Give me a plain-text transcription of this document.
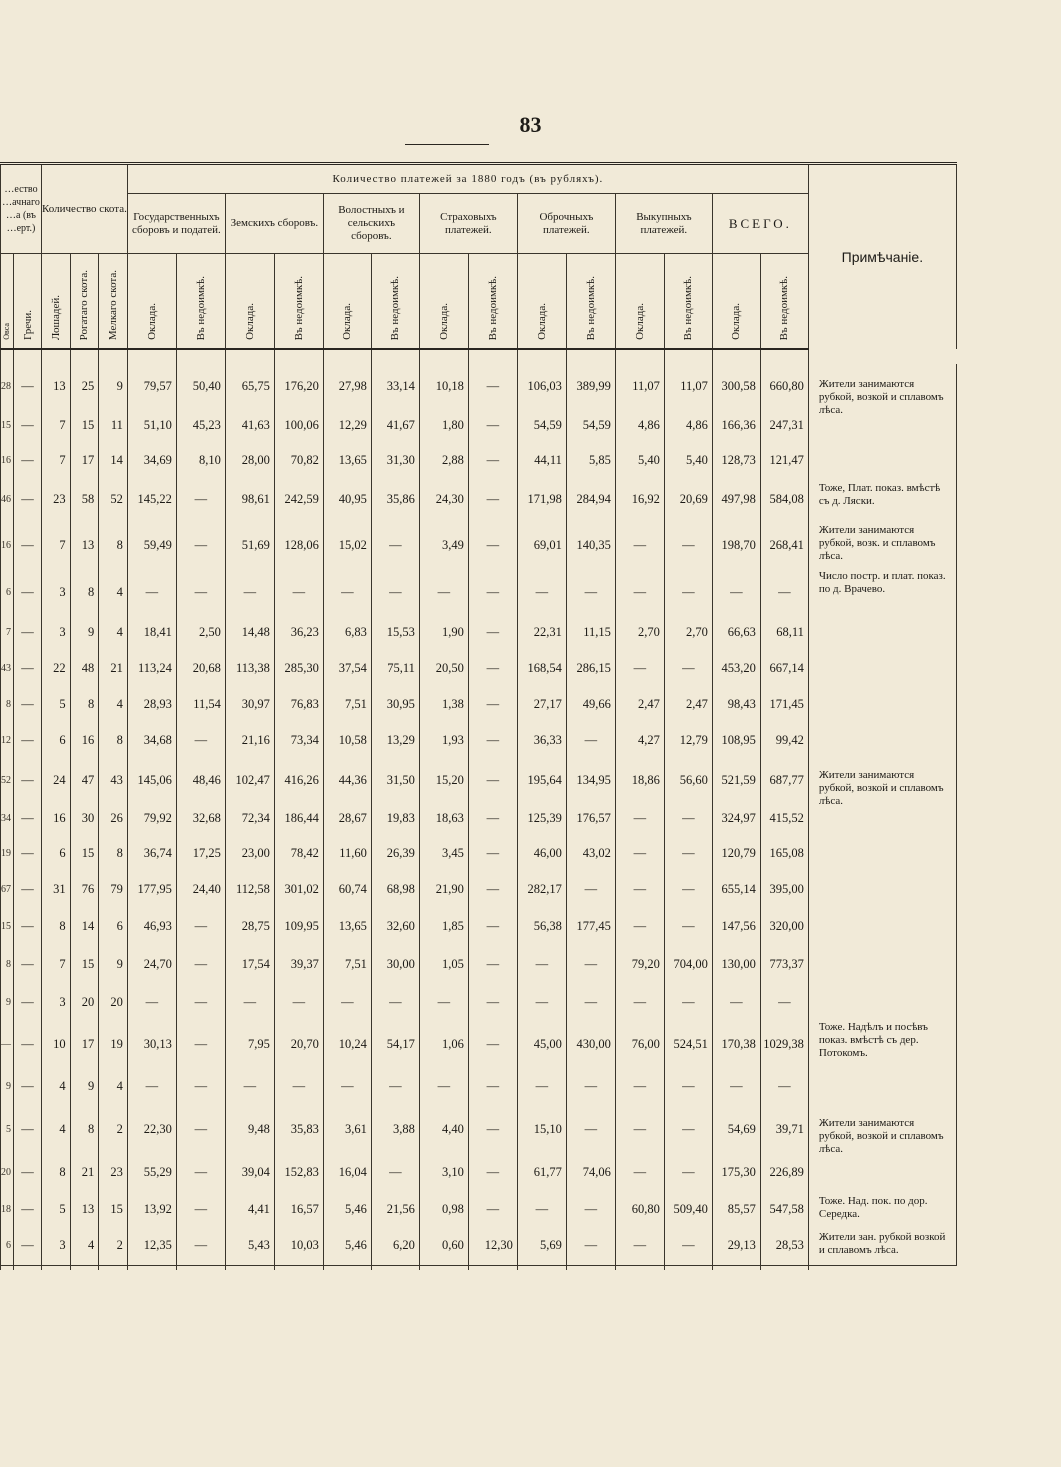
83
…ество …ачнаго …а (въ …ерт.)		Количество скота.			Количество платежей за 1880 годъ (въ рубляхъ).														Примѣчаніе.
					Государственныхъ сборовъ и податей.		Земскихъ сборовъ.		Волостныхъ и сельскихъ сборовъ.		Страховыхъ платежей.		Оброчныхъ платежей.		Выкупныхъ платежей.		ВСЕГО.		
Овса	Гречи.	Лошадей.	Рогатаго скота.	Мелкаго скота.	Оклада.	Въ недоимкѣ.	Оклада.	Въ недоимкѣ.	Оклада.	Въ недоимкѣ.	Оклада.	Въ недоимкѣ.	Оклада.	Въ недоимкѣ.	Оклада.	Въ недоимкѣ.	Оклада.	Въ недоимкѣ.	

28	—	13	25	9	79,57	50,40	65,75	176,20	27,98	33,14	10,18	—	106,03	389,99	11,07	11,07	300,58	660,80	Жители занимаются рубкой, возкой и сплавомъ лѣса.

15	—	7	15	11	51,10	45,23	41,63	100,06	12,29	41,67	1,80	—	54,59	54,59	4,86	4,86	166,36	247,31	
16	—	7	17	14	34,69	8,10	28,00	70,82	13,65	31,30	2,88	—	44,11	5,85	5,40	5,40	128,73	121,47	
46	—	23	58	52	145,22	—	98,61	242,59	40,95	35,86	24,30	—	171,98	284,94	16,92	20,69	497,98	584,08	Тоже, Плат. показ. вмѣстѣ съ д. Ляски.

16	—	7	13	8	59,49	—	51,69	128,06	15,02	—	3,49	—	69,01	140,35	—	—	198,70	268,41	Жители занимаются рубкой, возк. и сплавомъ лѣса.

6	—	3	8	4	—	—	—	—	—	—	—	—	—	—	—	—	—	—	Число постр. и плат. показ. по д. Врачево.

7	—	3	9	4	18,41	2,50	14,48	36,23	6,83	15,53	1,90	—	22,31	11,15	2,70	2,70	66,63	68,11	
43	—	22	48	21	113,24	20,68	113,38	285,30	37,54	75,11	20,50	—	168,54	286,15	—	—	453,20	667,14	
8	—	5	8	4	28,93	11,54	30,97	76,83	7,51	30,95	1,38	—	27,17	49,66	2,47	2,47	98,43	171,45	
12	—	6	16	8	34,68	—	21,16	73,34	10,58	13,29	1,93	—	36,33	—	4,27	12,79	108,95	99,42	
52	—	24	47	43	145,06	48,46	102,47	416,26	44,36	31,50	15,20	—	195,64	134,95	18,86	56,60	521,59	687,77	Жители занимаются рубкой, возкой и сплавомъ лѣса.

34	—	16	30	26	79,92	32,68	72,34	186,44	28,67	19,83	18,63	—	125,39	176,57	—	—	324,97	415,52	
19	—	6	15	8	36,74	17,25	23,00	78,42	11,60	26,39	3,45	—	46,00	43,02	—	—	120,79	165,08	
67	—	31	76	79	177,95	24,40	112,58	301,02	60,74	68,98	21,90	—	282,17	—	—	—	655,14	395,00	
15	—	8	14	6	46,93	—	28,75	109,95	13,65	32,60	1,85	—	56,38	177,45	—	—	147,56	320,00	
8	—	7	15	9	24,70	—	17,54	39,37	7,51	30,00	1,05	—	—	—	79,20	704,00	130,00	773,37	
9	—	3	20	20	—	—	—	—	—	—	—	—	—	—	—	—	—	—	
—	—	10	17	19	30,13	—	7,95	20,70	10,24	54,17	1,06	—	45,00	430,00	76,00	524,51	170,38	1029,38	Тоже. Надѣлъ и посѣвъ показ. вмѣстѣ съ дер. Потокомъ.

9	—	4	9	4	—	—	—	—	—	—	—	—	—	—	—	—	—	—	
5	—	4	8	2	22,30	—	9,48	35,83	3,61	3,88	4,40	—	15,10	—	—	—	54,69	39,71	Жители занимаются рубкой, возкой и сплавомъ лѣса.

20	—	8	21	23	55,29	—	39,04	152,83	16,04	—	3,10	—	61,77	74,06	—	—	175,30	226,89	
18	—	5	13	15	13,92	—	4,41	16,57	5,46	21,56	0,98	—	—	—	60,80	509,40	85,57	547,58	Тоже. Над. пок. по дор. Середка.

6	—	3	4	2	12,35	—	5,43	10,03	5,46	6,20	0,60	12,30	5,69	—	—	—	29,13	28,53	Жители зан. рубкой возкой и сплавомъ лѣса.
